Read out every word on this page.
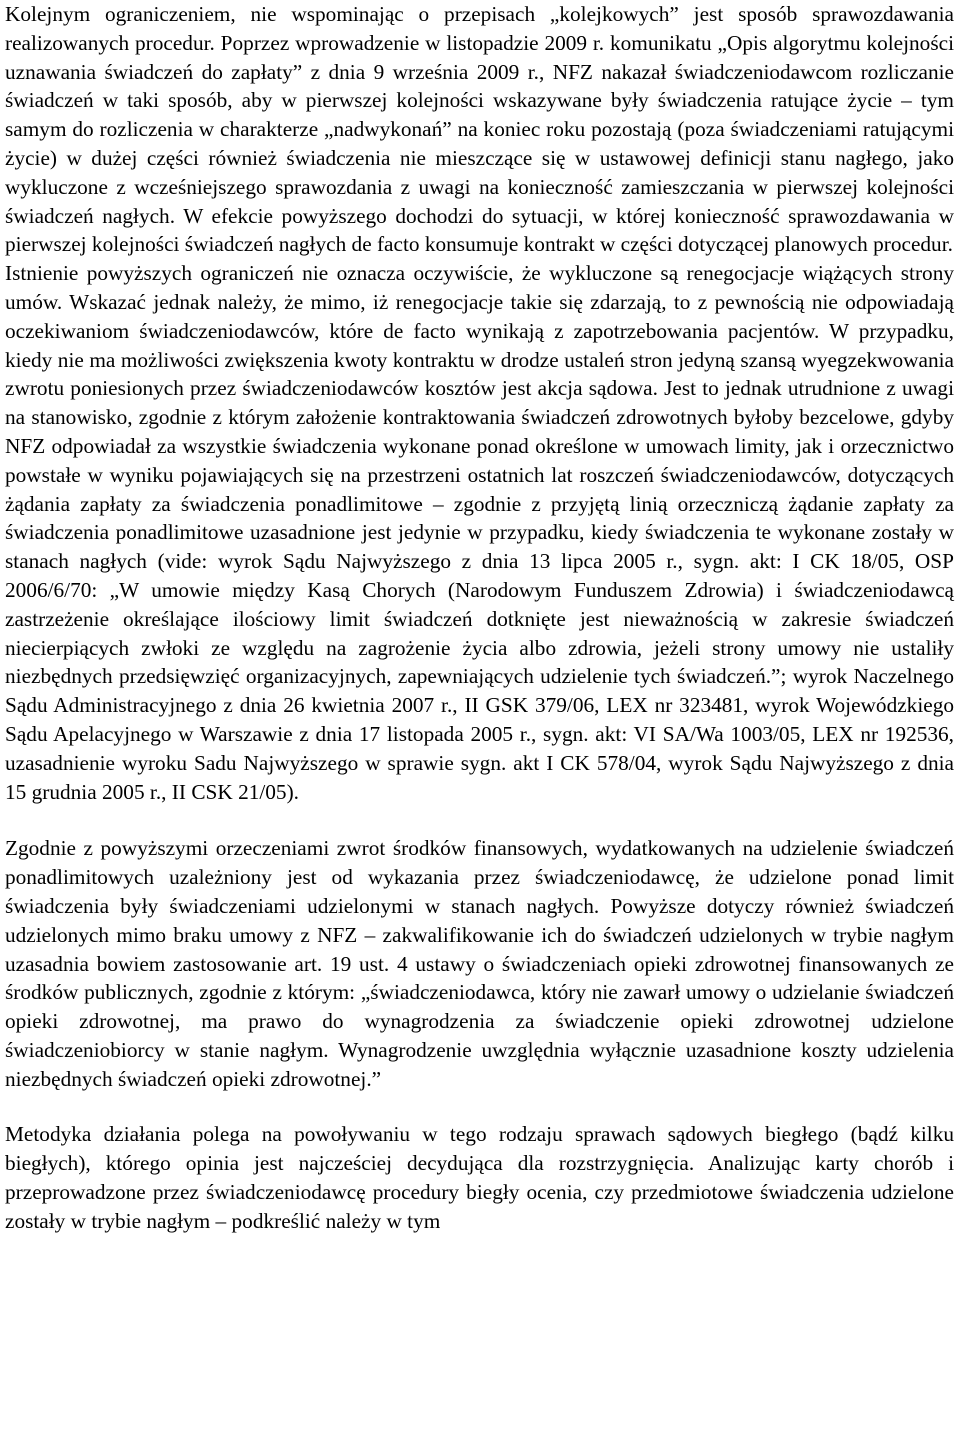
Kolejnym ograniczeniem, nie wspominając o przepisach „kolejkowych” jest sposób sprawozdawania realizowanych procedur. Poprzez wprowadzenie w listopadzie 2009 r. komunikatu „Opis algorytmu kolejności uznawania świadczeń do zapłaty” z dnia 9 września 2009 r., NFZ nakazał świadczeniodawcom rozliczanie świadczeń w taki sposób, aby w pierwszej kolejności wskazywane były świadczenia ratujące życie – tym samym do rozliczenia w charakterze „nadwykonań” na koniec roku pozostają (poza świadczeniami ratującymi życie) w dużej części również świadczenia nie mieszczące się w ustawowej definicji stanu nagłego, jako wykluczone z wcześniejszego sprawozdania z uwagi na konieczność zamieszczania w pierwszej kolejności świadczeń nagłych. W efekcie powyższego dochodzi do sytuacji, w której konieczność sprawozdawania w pierwszej kolejności świadczeń nagłych de facto konsumuje kontrakt w części dotyczącej planowych procedur.

Istnienie powyższych ograniczeń nie oznacza oczywiście, że wykluczone są renegocjacje wiążących strony umów. Wskazać jednak należy, że mimo, iż renegocjacje takie się zdarzają, to z pewnością nie odpowiadają oczekiwaniom świadczeniodawców, które de facto wynikają z zapotrzebowania pacjentów. W przypadku, kiedy nie ma możliwości zwiększenia kwoty kontraktu w drodze ustaleń stron jedyną szansą wyegzekwowania zwrotu poniesionych przez świadczeniodawców kosztów jest akcja sądowa. Jest to jednak utrudnione z uwagi na stanowisko, zgodnie z którym założenie kontraktowania świadczeń zdrowotnych byłoby bezcelowe, gdyby NFZ odpowiadał za wszystkie świadczenia wykonane ponad określone w umowach limity, jak i orzecznictwo powstałe w wyniku pojawiających się na przestrzeni ostatnich lat roszczeń świadczeniodawców, dotyczących żądania zapłaty za świadczenia ponadlimitowe – zgodnie z przyjętą linią orzeczniczą żądanie zapłaty za świadczenia ponadlimitowe uzasadnione jest jedynie w przypadku, kiedy świadczenia te wykonane zostały w stanach nagłych (vide: wyrok Sądu Najwyższego z dnia 13 lipca 2005 r., sygn. akt: I CK 18/05, OSP 2006/6/70: „W umowie między Kasą Chorych (Narodowym Funduszem Zdrowia) i świadczeniodawcą zastrzeżenie określające ilościowy limit świadczeń dotknięte jest nieważnością w zakresie świadczeń niecierpiących zwłoki ze względu na zagrożenie życia albo zdrowia, jeżeli strony umowy nie ustaliły niezbędnych przedsięwzięć organizacyjnych, zapewniających udzielenie tych świadczeń.”; wyrok Naczelnego Sądu Administracyjnego z dnia 26 kwietnia 2007 r., II GSK 379/06, LEX nr 323481, wyrok Wojewódzkiego Sądu Apelacyjnego w Warszawie z dnia 17 listopada 2005 r., sygn. akt: VI SA/Wa 1003/05, LEX nr 192536, uzasadnienie wyroku Sadu Najwyższego w sprawie sygn. akt I CK 578/04, wyrok Sądu Najwyższego z dnia 15 grudnia 2005 r., II CSK 21/05).

Zgodnie z powyższymi orzeczeniami zwrot środków finansowych, wydatkowanych na udzielenie świadczeń ponadlimitowych uzależniony jest od wykazania przez świadczeniodawcę, że udzielone ponad limit świadczenia były świadczeniami udzielonymi w stanach nagłych. Powyższe dotyczy również świadczeń udzielonych mimo braku umowy z NFZ – zakwalifikowanie ich do świadczeń udzielonych w trybie nagłym uzasadnia bowiem zastosowanie art. 19 ust. 4 ustawy o świadczeniach opieki zdrowotnej finansowanych ze środków publicznych, zgodnie z którym: „świadczeniodawca, który nie zawarł umowy o udzielanie świadczeń opieki zdrowotnej, ma prawo do wynagrodzenia za świadczenie opieki zdrowotnej udzielone świadczeniobiorcy w stanie nagłym. Wynagrodzenie uwzględnia wyłącznie uzasadnione koszty udzielenia niezbędnych świadczeń opieki zdrowotnej.”

Metodyka działania polega na powoływaniu w tego rodzaju sprawach sądowych biegłego (bądź kilku biegłych), którego opinia jest najcześciej decydująca dla rozstrzygnięcia. Analizując karty chorób i przeprowadzone przez świadczeniodawcę procedury biegły ocenia, czy przedmiotowe świadczenia udzielone zostały w trybie nagłym – podkreślić należy w tym
